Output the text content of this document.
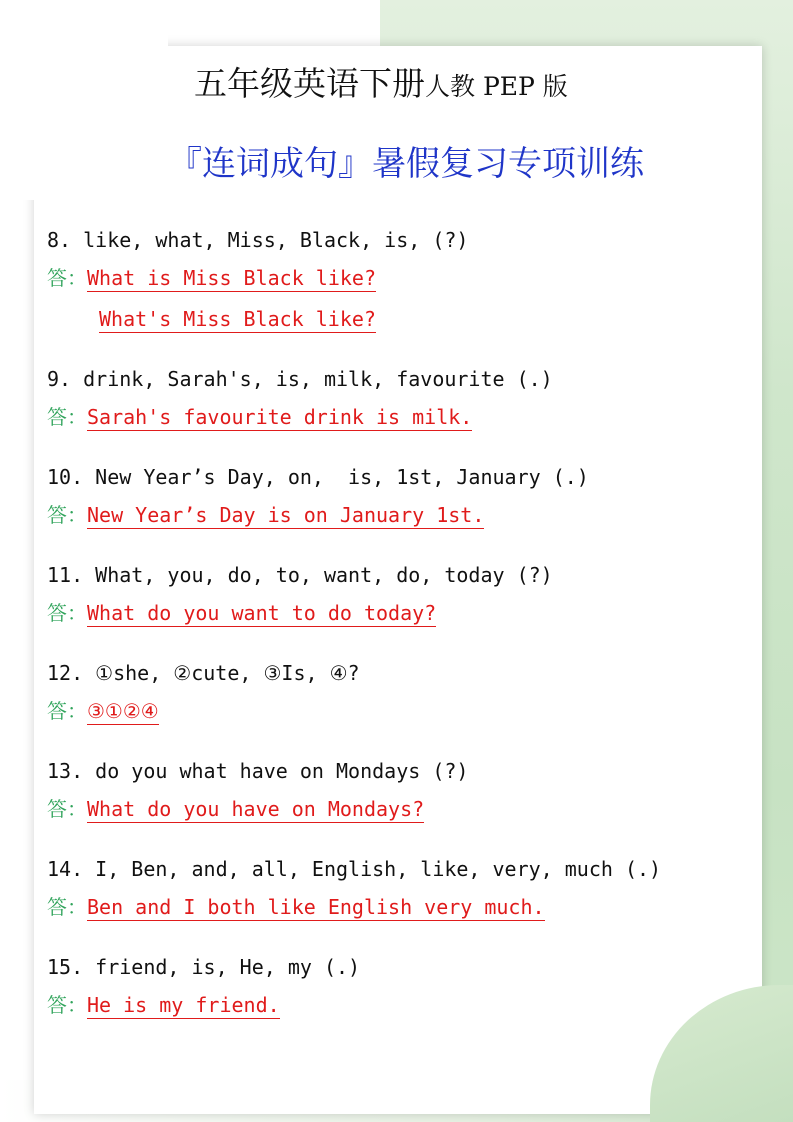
五年级英语下册人教 PEP 版
『连词成句』暑假复习专项训练
8. like, what, Miss, Black, is, (?)
答：What is Miss Black like?
What's Miss Black like?
9. drink, Sarah's, is, milk, favourite (.)
答：Sarah's favourite drink is milk.
10. New Year’s Day, on,  is, 1st, January (.)
答：New Year’s Day is on January 1st.
11. What, you, do, to, want, do, today (?)
答：What do you want to do today?
12. ①she, ②cute, ③Is, ④?
答：③①②④
13. do you what have on Mondays (?)
答：What do you have on Mondays?
14. I, Ben, and, all, English, like, very, much (.)
答：Ben and I both like English very much.
15. friend, is, He, my (.)
答：He is my friend.
